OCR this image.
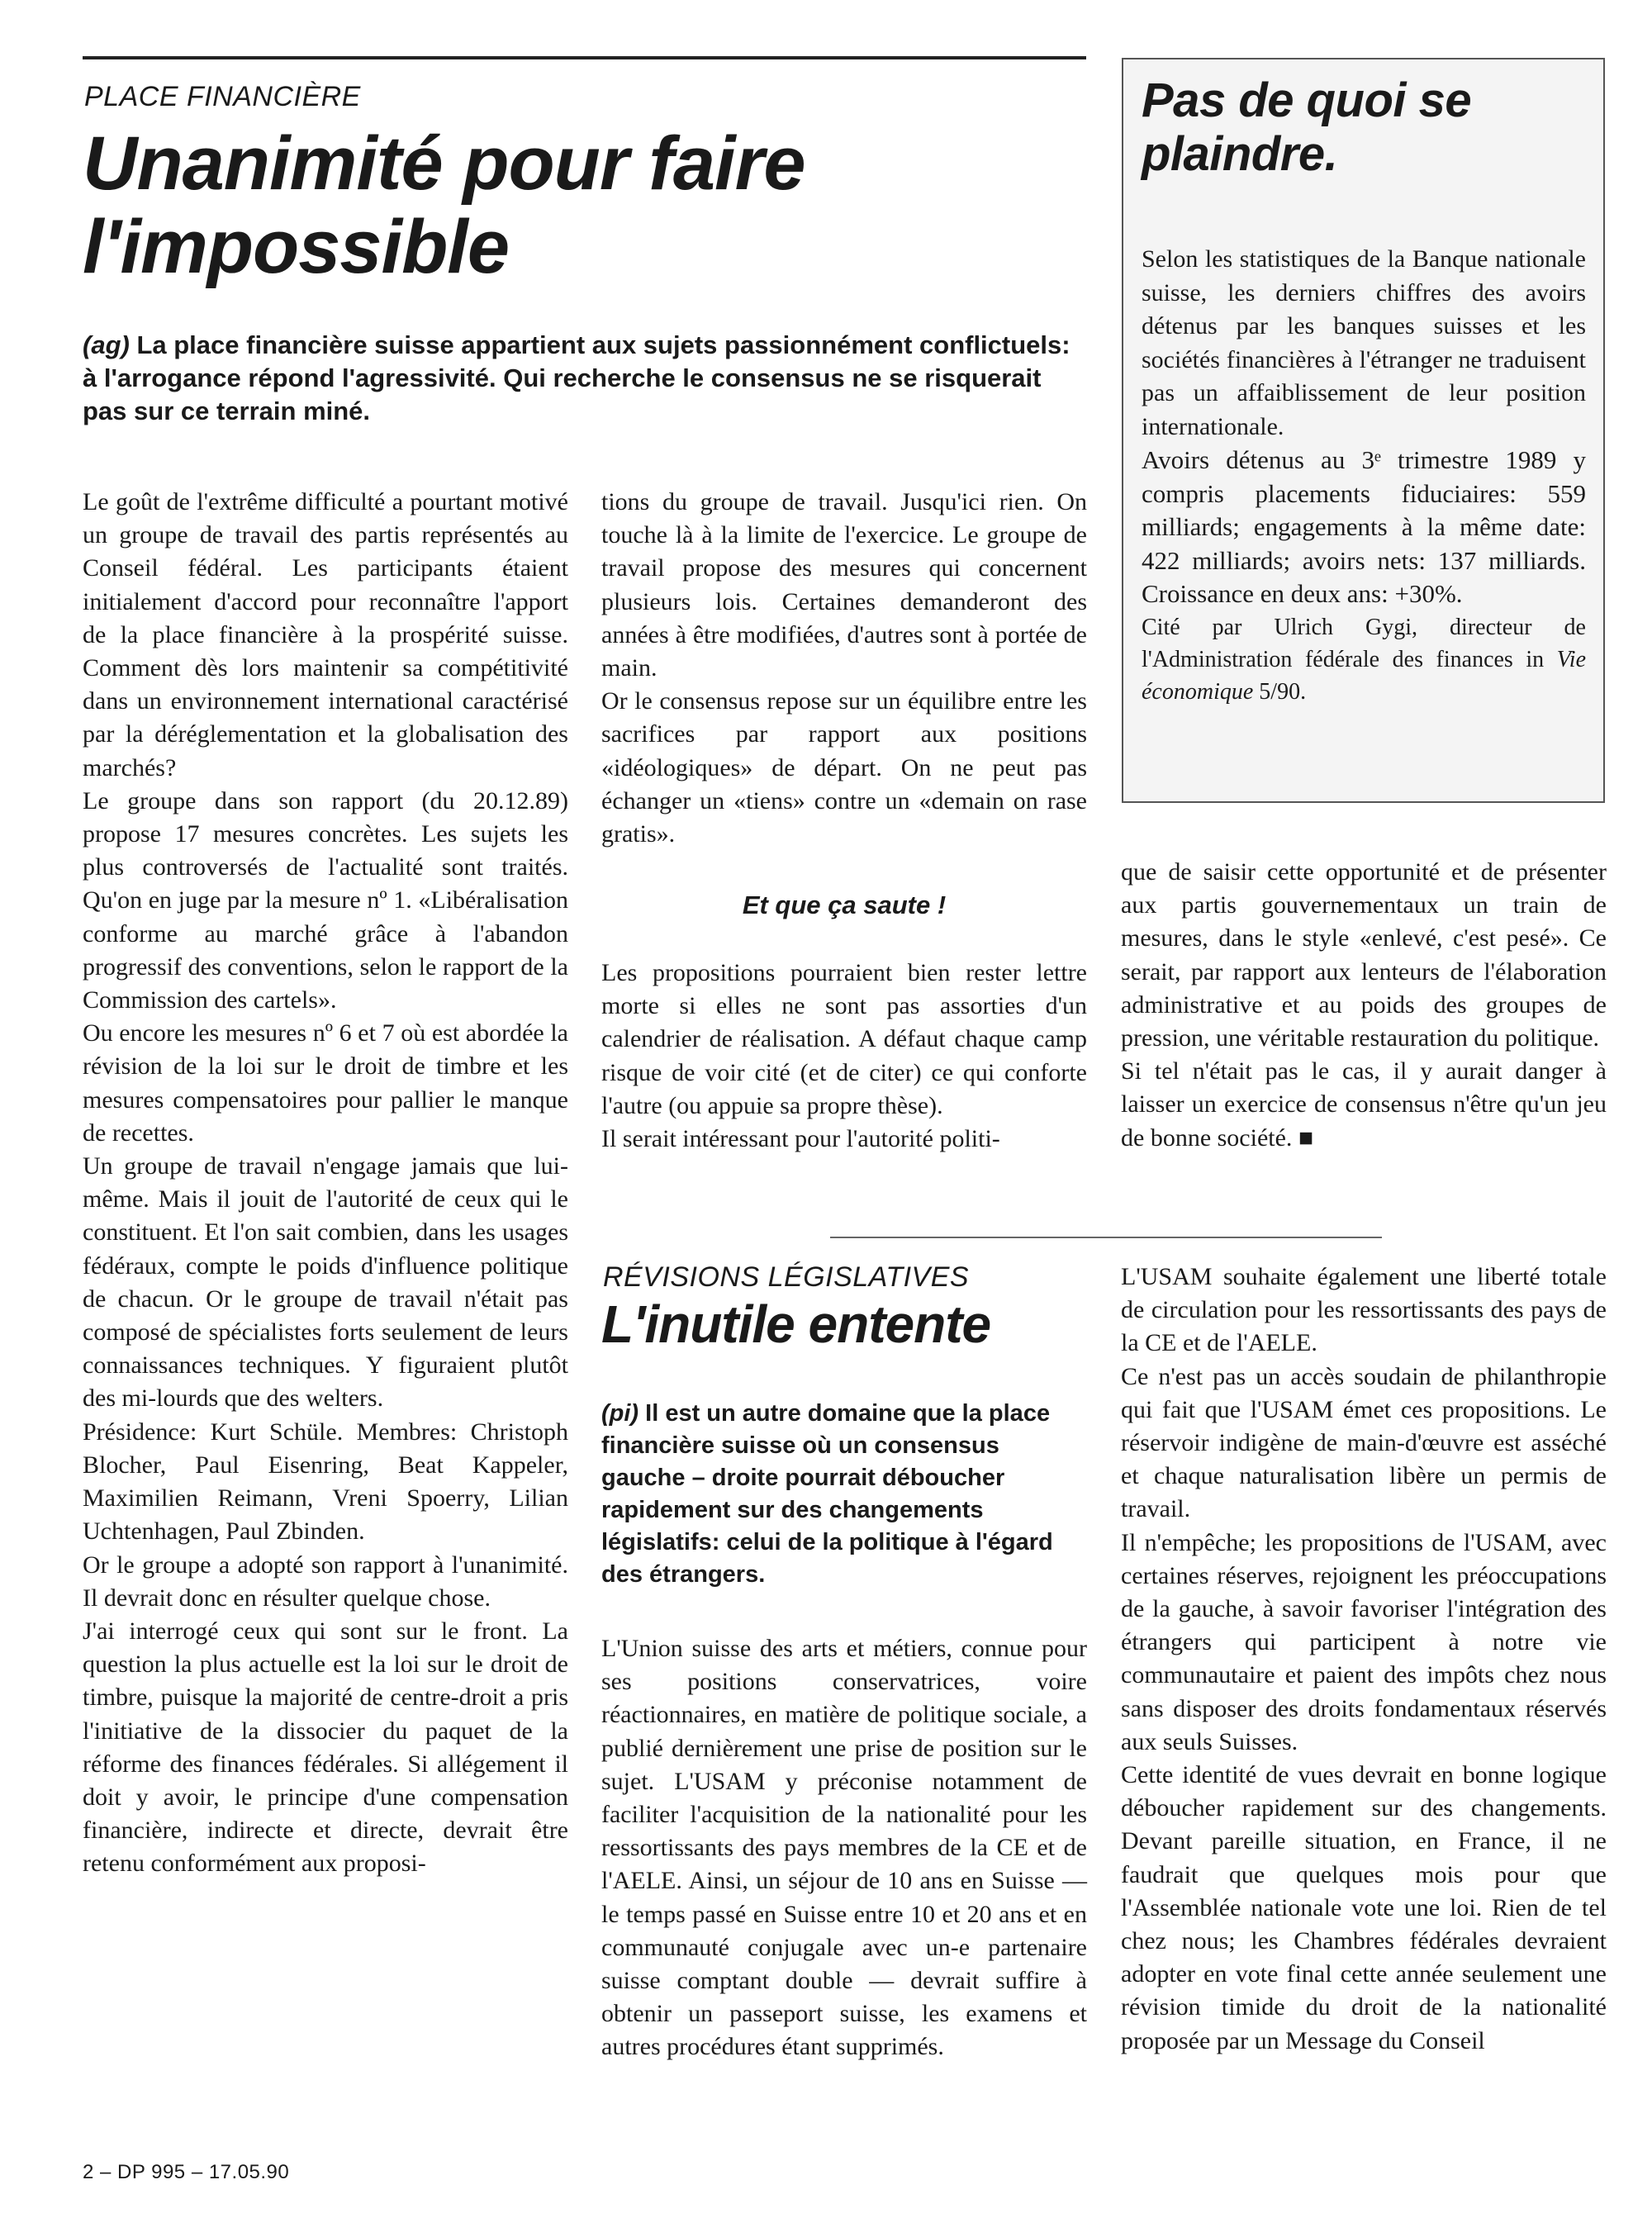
PLACE FINANCIÈRE
Unanimité pour faire
l'impossible
(ag) La place financière suisse appartient aux sujets passionnément conflictuels: à l'arrogance répond l'agressivité. Qui recherche le consensus ne se risquerait pas sur ce terrain miné.

Le goût de l'extrême difficulté a pourtant motivé un groupe de travail des partis représentés au Conseil fédéral. Les participants étaient initialement d'accord pour reconnaître l'apport de la place financière à la prospérité suisse. Comment dès lors maintenir sa compétitivité dans un environnement international caractérisé par la déréglementation et la globalisation des marchés?

Le groupe dans son rapport (du 20.12.89) propose 17 mesures concrètes. Les sujets les plus controversés de l'actualité sont traités. Qu'on en juge par la mesure nº 1. «Libéralisation conforme au marché grâce à l'abandon progressif des conventions, selon le rapport de la Commission des cartels».

Ou encore les mesures nº 6 et 7 où est abordée la révision de la loi sur le droit de timbre et les mesures compensatoires pour pallier le manque de recettes.

Un groupe de travail n'engage jamais que lui-même. Mais il jouit de l'autorité de ceux qui le constituent. Et l'on sait combien, dans les usages fédéraux, compte le poids d'influence politique de chacun. Or le groupe de travail n'était pas composé de spécialistes forts seulement de leurs connaissances techniques. Y figuraient plutôt des mi-lourds que des welters.

Présidence: Kurt Schüle. Membres: Christoph Blocher, Paul Eisenring, Beat Kappeler, Maximilien Reimann, Vreni Spoerry, Lilian Uchtenhagen, Paul Zbinden.

Or le groupe a adopté son rapport à l'unanimité. Il devrait donc en résulter quelque chose.

J'ai interrogé ceux qui sont sur le front. La question la plus actuelle est la loi sur le droit de timbre, puisque la majorité de centre-droit a pris l'initiative de la dissocier du paquet de la réforme des finances fédérales. Si allégement il doit y avoir, le principe d'une compensation financière, indirecte et directe, devrait être retenu conformément aux proposi-

tions du groupe de travail. Jusqu'ici rien. On touche là à la limite de l'exercice. Le groupe de travail propose des mesures qui concernent plusieurs lois. Certaines demanderont des années à être modifiées, d'autres sont à portée de main.

Or le consensus repose sur un équilibre entre les sacrifices par rapport aux positions «idéologiques» de départ. On ne peut pas échanger un «tiens» contre un «demain on rase gratis».

Et que ça saute !

Les propositions pourraient bien rester lettre morte si elles ne sont pas assorties d'un calendrier de réalisation. A défaut chaque camp risque de voir cité (et de citer) ce qui conforte l'autre (ou appuie sa propre thèse).

Il serait intéressant pour l'autorité politi-

Pas de quoi se
plaindre.

Selon les statistiques de la Banque nationale suisse, les derniers chiffres des avoirs détenus par les banques suisses et les sociétés financières à l'étranger ne traduisent pas un affaiblissement de leur position internationale.

Avoirs détenus au 3ᵉ trimestre 1989 y compris placements fiduciaires: 559 milliards; engagements à la même date: 422 milliards; avoirs nets: 137 milliards. Croissance en deux ans: +30%.

Cité par Ulrich Gygi, directeur de l'Administration fédérale des finances in Vie économique 5/90.

que de saisir cette opportunité et de présenter aux partis gouvernementaux un train de mesures, dans le style «enlevé, c'est pesé». Ce serait, par rapport aux lenteurs de l'élaboration administrative et au poids des groupes de pression, une véritable restauration du politique.

Si tel n'était pas le cas, il y aurait danger à laisser un exercice de consensus n'être qu'un jeu de bonne société. ■

RÉVISIONS LÉGISLATIVES
L'inutile entente
(pi) Il est un autre domaine que la place financière suisse où un consensus gauche – droite pourrait déboucher rapidement sur des changements législatifs: celui de la politique à l'égard des étrangers.

L'Union suisse des arts et métiers, connue pour ses positions conservatrices, voire réactionnaires, en matière de politique sociale, a publié dernièrement une prise de position sur le sujet. L'USAM y préconise notamment de faciliter l'acquisition de la nationalité pour les ressortissants des pays membres de la CE et de l'AELE. Ainsi, un séjour de 10 ans en Suisse — le temps passé en Suisse entre 10 et 20 ans et en communauté conjugale avec un-e partenaire suisse comptant double — devrait suffire à obtenir un passeport suisse, les examens et autres procédures étant supprimés.

L'USAM souhaite également une liberté totale de circulation pour les ressortissants des pays de la CE et de l'AELE.

Ce n'est pas un accès soudain de philanthropie qui fait que l'USAM émet ces propositions. Le réservoir indigène de main-d'œuvre est asséché et chaque naturalisation libère un permis de travail.

Il n'empêche; les propositions de l'USAM, avec certaines réserves, rejoignent les préoccupations de la gauche, à savoir favoriser l'intégration des étrangers qui participent à notre vie communautaire et paient des impôts chez nous sans disposer des droits fondamentaux réservés aux seuls Suisses.

Cette identité de vues devrait en bonne logique déboucher rapidement sur des changements. Devant pareille situation, en France, il ne faudrait que quelques mois pour que l'Assemblée nationale vote une loi. Rien de tel chez nous; les Chambres fédérales devraient adopter en vote final cette année seulement une révision timide du droit de la nationalité proposée par un Message du Conseil

2 – DP 995 – 17.05.90
